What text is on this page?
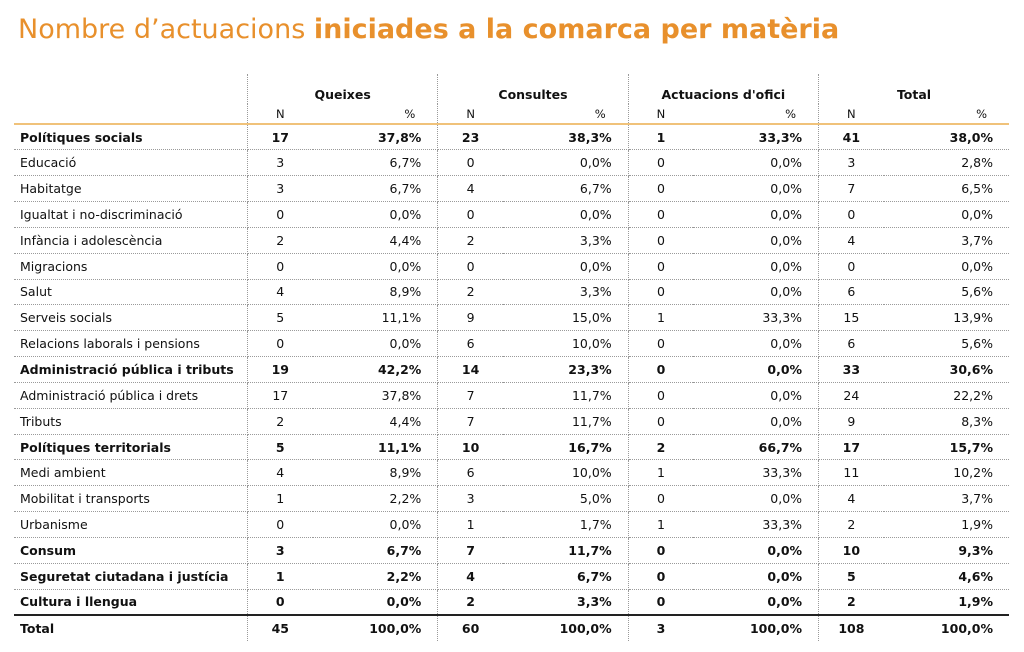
Nombre d’actuacions iniciades a la comarca per matèria
	Queixes		Consultes		Actuacions d'ofici		Total	
	N	%	N	%	N	%	N	%
Polítiques socials	17	37,8%	23	38,3%	1	33,3%	41	38,0%
Educació	3	6,7%	0	0,0%	0	0,0%	3	2,8%
Habitatge	3	6,7%	4	6,7%	0	0,0%	7	6,5%
Igualtat i no-discriminació	0	0,0%	0	0,0%	0	0,0%	0	0,0%
Infància i adolescència	2	4,4%	2	3,3%	0	0,0%	4	3,7%
Migracions	0	0,0%	0	0,0%	0	0,0%	0	0,0%
Salut	4	8,9%	2	3,3%	0	0,0%	6	5,6%
Serveis socials	5	11,1%	9	15,0%	1	33,3%	15	13,9%
Relacions laborals i pensions	0	0,0%	6	10,0%	0	0,0%	6	5,6%
Administració pública i tributs	19	42,2%	14	23,3%	0	0,0%	33	30,6%
Administració pública i drets	17	37,8%	7	11,7%	0	0,0%	24	22,2%
Tributs	2	4,4%	7	11,7%	0	0,0%	9	8,3%
Polítiques territorials	5	11,1%	10	16,7%	2	66,7%	17	15,7%
Medi ambient	4	8,9%	6	10,0%	1	33,3%	11	10,2%
Mobilitat i transports	1	2,2%	3	5,0%	0	0,0%	4	3,7%
Urbanisme	0	0,0%	1	1,7%	1	33,3%	2	1,9%
Consum	3	6,7%	7	11,7%	0	0,0%	10	9,3%
Seguretat ciutadana i justícia	1	2,2%	4	6,7%	0	0,0%	5	4,6%
Cultura i llengua	0	0,0%	2	3,3%	0	0,0%	2	1,9%
Total	45	100,0%	60	100,0%	3	100,0%	108	100,0%
